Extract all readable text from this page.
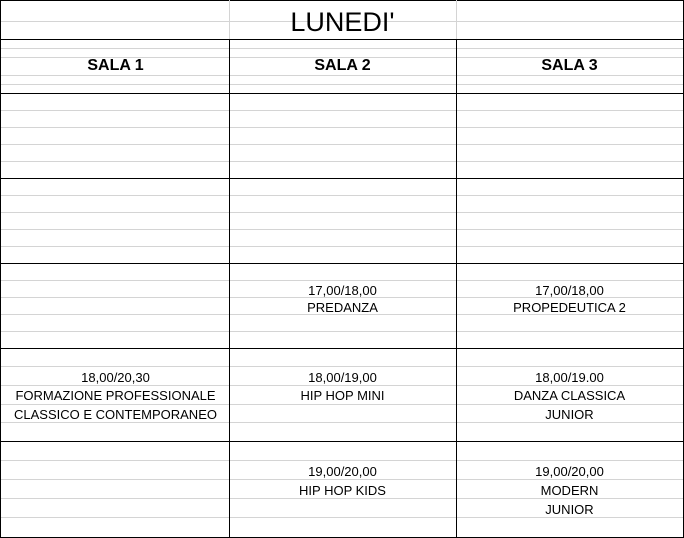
LUNEDI'
SALA 1	SALA 2	SALA 3
17,00/18,00
PREDANZA
17,00/18,00
PROPEDEUTICA 2
18,00/20,30
FORMAZIONE PROFESSIONALE
CLASSICO E CONTEMPORANEO
18,00/19,00
HIP HOP MINI
18,00/19.00
DANZA CLASSICA
JUNIOR
19,00/20,00
HIP HOP KIDS
19,00/20,00
MODERN
JUNIOR
